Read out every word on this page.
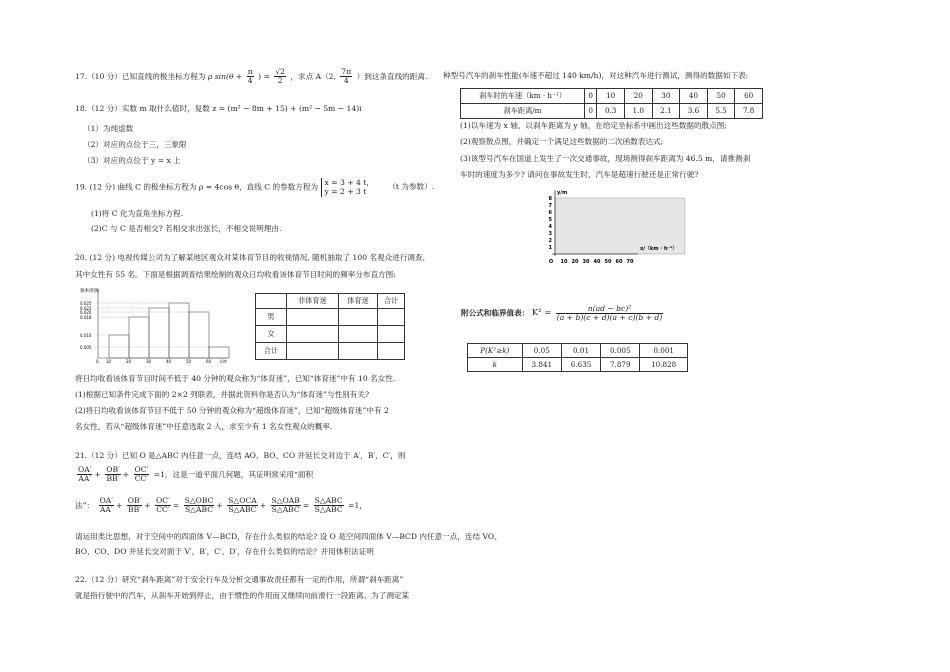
17.（10 分）已知直线的极坐标方程为 ρ $\sin(\theta + \frac{\pi}{4}$ ) = $\frac{√2}{2}$ ，求点 A（2, $\frac{7\pi}{4}$ ）到这条直线的距离.
18.（12 分）实数 m 取什么值时，复数 z = (m² − 8m + 15) + (m² − 5m − 14)i
（1）为纯虚数
（2）对应的点位于三，三象限
（3）对应的点位于 y = x 上
19. (12 分) 曲线 C 的极坐标方程为 ρ = 4cos θ，直线 C 的参数方程为 x = 3 + 4 t，
y = 2 + 3 t
（t 为参数）.
(1)将 C 化为直角坐标方程.
(2)C 与 C 是否相交? 若相交求出弦长，不相交说明理由.
20. (12 分) 电视传媒公司为了解某地区观众对某体育节目的收视情况, 随机抽取了 100 名观众进行调查,
其中女性有 55 名。下面是根据调查结果绘制的观众日均收看该体育节目时间的频率分布直方图:
频率/组距
0.025
0.022
0.020
0.018
0.010
0.005
0 10	20	30	40	50	60 分钟
	非体育迷	体育迷	合计
男			
女			
合计			
将日均收看该体育节目时间不低于 40 分钟的观众称为“体育迷”，已知“体育迷”中有 10 名女性.
(1)根据已知条件完成下面的 2×2 列联表，并据此资料你是否认为“体育迷”与性别有关?
(2)将日均收看该体育节目不低于 50 分钟的观众称为“超级体育迷”，已知“超级体育迷”中有 2
名女性，若从“超级体育迷”中任意选取 2 人，求至少有 1 名女性观众的概率.
21.（12 分）已知 O 是△ABC 内任意一点，连结 AO、BO、CO 并延长交对边于 A′，B′，C′，则
$\frac{OA'}{AA'} + \frac{OB'}{BB'} + \frac{OC'}{CC'} =1$，这是一道平面几何题，其证明常采用“面积
法”： $\frac{OA'}{AA'} + \frac{OB'}{BB'} + \frac{OC'}{CC'} = \frac{\text{S△OBC}}{\text{S△ABC}} + \frac{\text{S△OCA}}{\text{S△ABC}} + \frac{\text{S△OAB}}{\text{S△ABC}} = \frac{\text{S△ABC}}{\text{S△ABC}} =1$，
请运用类比思想，对于空间中的四面体 V—BCD，存在什么类似的结论? 设 O 是空间四面体 V—BCD 内任意一点，连结 VO、
BO、CO、DO 并延长交对面于 V′，B′，C′，D′，存在什么类似的结论？并用体积法证明
22.（12 分）研究“刹车距离”对于安全行车及分析交通事故责任都有一定的作用，所谓“刹车距离”
就是指行驶中的汽车，从刹车开始到停止，由于惯性的作用而又继续向前滑行一段距离。为了测定某
种型号汽车的刹车性能(车速不超过 140 km/h)，对这种汽车进行测试，测得的数据如下表:
刹车时的车速（km · h⁻¹）	0	10	20	30	40	50	60
刹车距离/m	0	0.3	1.0	2.1	3.6	5.5	7.8
(1)以车速为 x 轴，以刹车距离为 y 轴，在给定坐标系中画出这些数据的散点图;
(2)观察散点图，并确定一个满足这些数据的二次函数表达式;
(3)该型号汽车在国道上发生了一次交通事故，现场测得刹车距离为 46.5 m，请推测刹
车时的速度为多少? 请问在事故发生时，汽车是超速行驶还是正常行驶?
y/m
x/（km · h⁻¹）
8
7
6
5
4
3
2
1
O 10 20 30 40 50 60 70
附公式和临界值表： $K^2 = \frac{\text{n(ad − bc)²}}{(a + b)(c + d)(a + c)(b + d)}$
P(K²≥k)	0.05	0.01	0.005	0.001
k	3.841	6.635	7.879	10.828
